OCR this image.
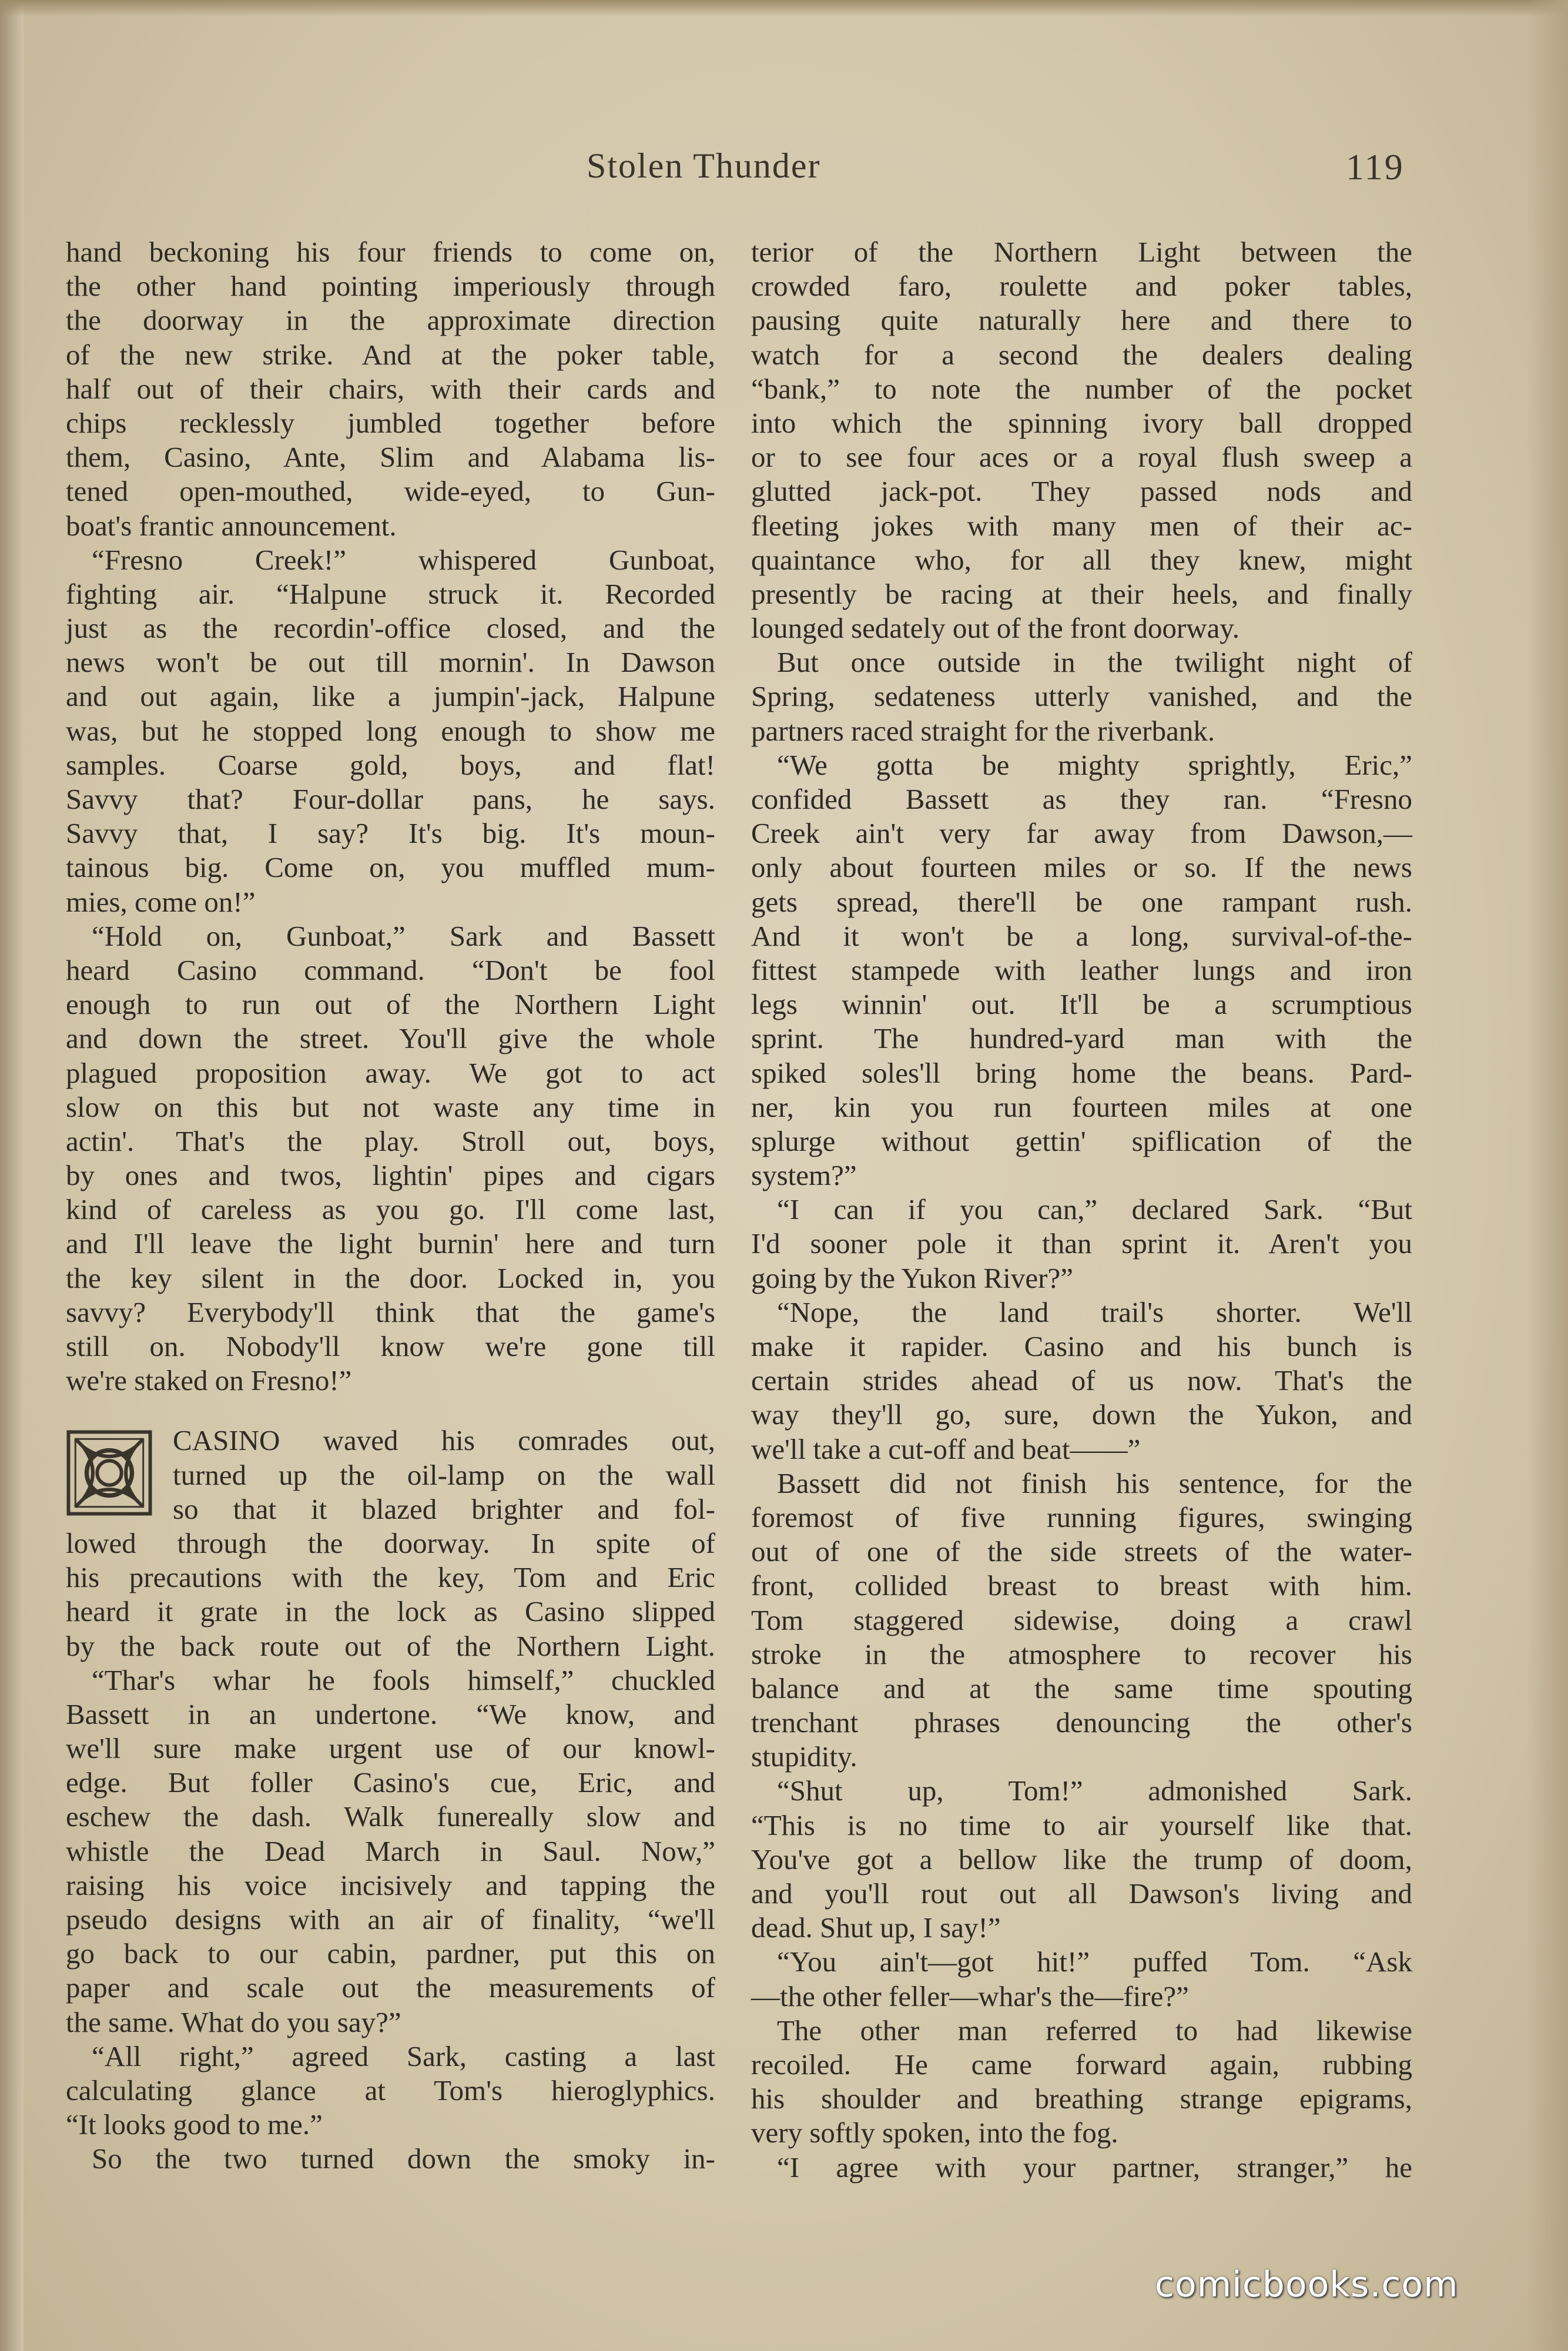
Stolen Thunder	119
hand beckoning his four friends to come on,
the other hand pointing imperiously through
the doorway in the approximate direction
of the new strike. And at the poker table,
half out of their chairs, with their cards and
chips recklessly jumbled together before
them, Casino, Ante, Slim and Alabama lis-
tened open-mouthed, wide-eyed, to Gun-
boat's frantic announcement.
“Fresno Creek!” whispered Gunboat,
fighting air. “Halpune struck it. Recorded
just as the recordin'-office closed, and the
news won't be out till mornin'. In Dawson
and out again, like a jumpin'-jack, Halpune
was, but he stopped long enough to show me
samples. Coarse gold, boys, and flat!
Savvy that? Four-dollar pans, he says.
Savvy that, I say? It's big. It's moun-
tainous big. Come on, you muffled mum-
mies, come on!”
“Hold on, Gunboat,” Sark and Bassett
heard Casino command. “Don't be fool
enough to run out of the Northern Light
and down the street. You'll give the whole
plagued proposition away. We got to act
slow on this but not waste any time in
actin'. That's the play. Stroll out, boys,
by ones and twos, lightin' pipes and cigars
kind of careless as you go. I'll come last,
and I'll leave the light burnin' here and turn
the key silent in the door. Locked in, you
savvy? Everybody'll think that the game's
still on. Nobody'll know we're gone till
we're staked on Fresno!”
CASINO waved his comrades out,
turned up the oil-lamp on the wall
so that it blazed brighter and fol-
lowed through the doorway. In spite of
his precautions with the key, Tom and Eric
heard it grate in the lock as Casino slipped
by the back route out of the Northern Light.
“Thar's whar he fools himself,” chuckled
Bassett in an undertone. “We know, and
we'll sure make urgent use of our knowl-
edge. But foller Casino's cue, Eric, and
eschew the dash. Walk funereally slow and
whistle the Dead March in Saul. Now,”
raising his voice incisively and tapping the
pseudo designs with an air of finality, “we'll
go back to our cabin, pardner, put this on
paper and scale out the measurements of
the same. What do you say?”
“All right,” agreed Sark, casting a last
calculating glance at Tom's hieroglyphics.
“It looks good to me.”
So the two turned down the smoky in-
terior of the Northern Light between the
crowded faro, roulette and poker tables,
pausing quite naturally here and there to
watch for a second the dealers dealing
“bank,” to note the number of the pocket
into which the spinning ivory ball dropped
or to see four aces or a royal flush sweep a
glutted jack-pot. They passed nods and
fleeting jokes with many men of their ac-
quaintance who, for all they knew, might
presently be racing at their heels, and finally
lounged sedately out of the front doorway.
But once outside in the twilight night of
Spring, sedateness utterly vanished, and the
partners raced straight for the riverbank.
“We gotta be mighty sprightly, Eric,”
confided Bassett as they ran. “Fresno
Creek ain't very far away from Dawson,—
only about fourteen miles or so. If the news
gets spread, there'll be one rampant rush.
And it won't be a long, survival-of-the-
fittest stampede with leather lungs and iron
legs winnin' out. It'll be a scrumptious
sprint. The hundred-yard man with the
spiked soles'll bring home the beans. Pard-
ner, kin you run fourteen miles at one
splurge without gettin' spiflication of the
system?”
“I can if you can,” declared Sark. “But
I'd sooner pole it than sprint it. Aren't you
going by the Yukon River?”
“Nope, the land trail's shorter. We'll
make it rapider. Casino and his bunch is
certain strides ahead of us now. That's the
way they'll go, sure, down the Yukon, and
we'll take a cut-off and beat——”
Bassett did not finish his sentence, for the
foremost of five running figures, swinging
out of one of the side streets of the water-
front, collided breast to breast with him.
Tom staggered sidewise, doing a crawl
stroke in the atmosphere to recover his
balance and at the same time spouting
trenchant phrases denouncing the other's
stupidity.
“Shut up, Tom!” admonished Sark.
“This is no time to air yourself like that.
You've got a bellow like the trump of doom,
and you'll rout out all Dawson's living and
dead. Shut up, I say!”
“You ain't—got hit!” puffed Tom. “Ask
—the other feller—whar's the—fire?”
The other man referred to had likewise
recoiled. He came forward again, rubbing
his shoulder and breathing strange epigrams,
very softly spoken, into the fog.
“I agree with your partner, stranger,” he
comicbooks.com
